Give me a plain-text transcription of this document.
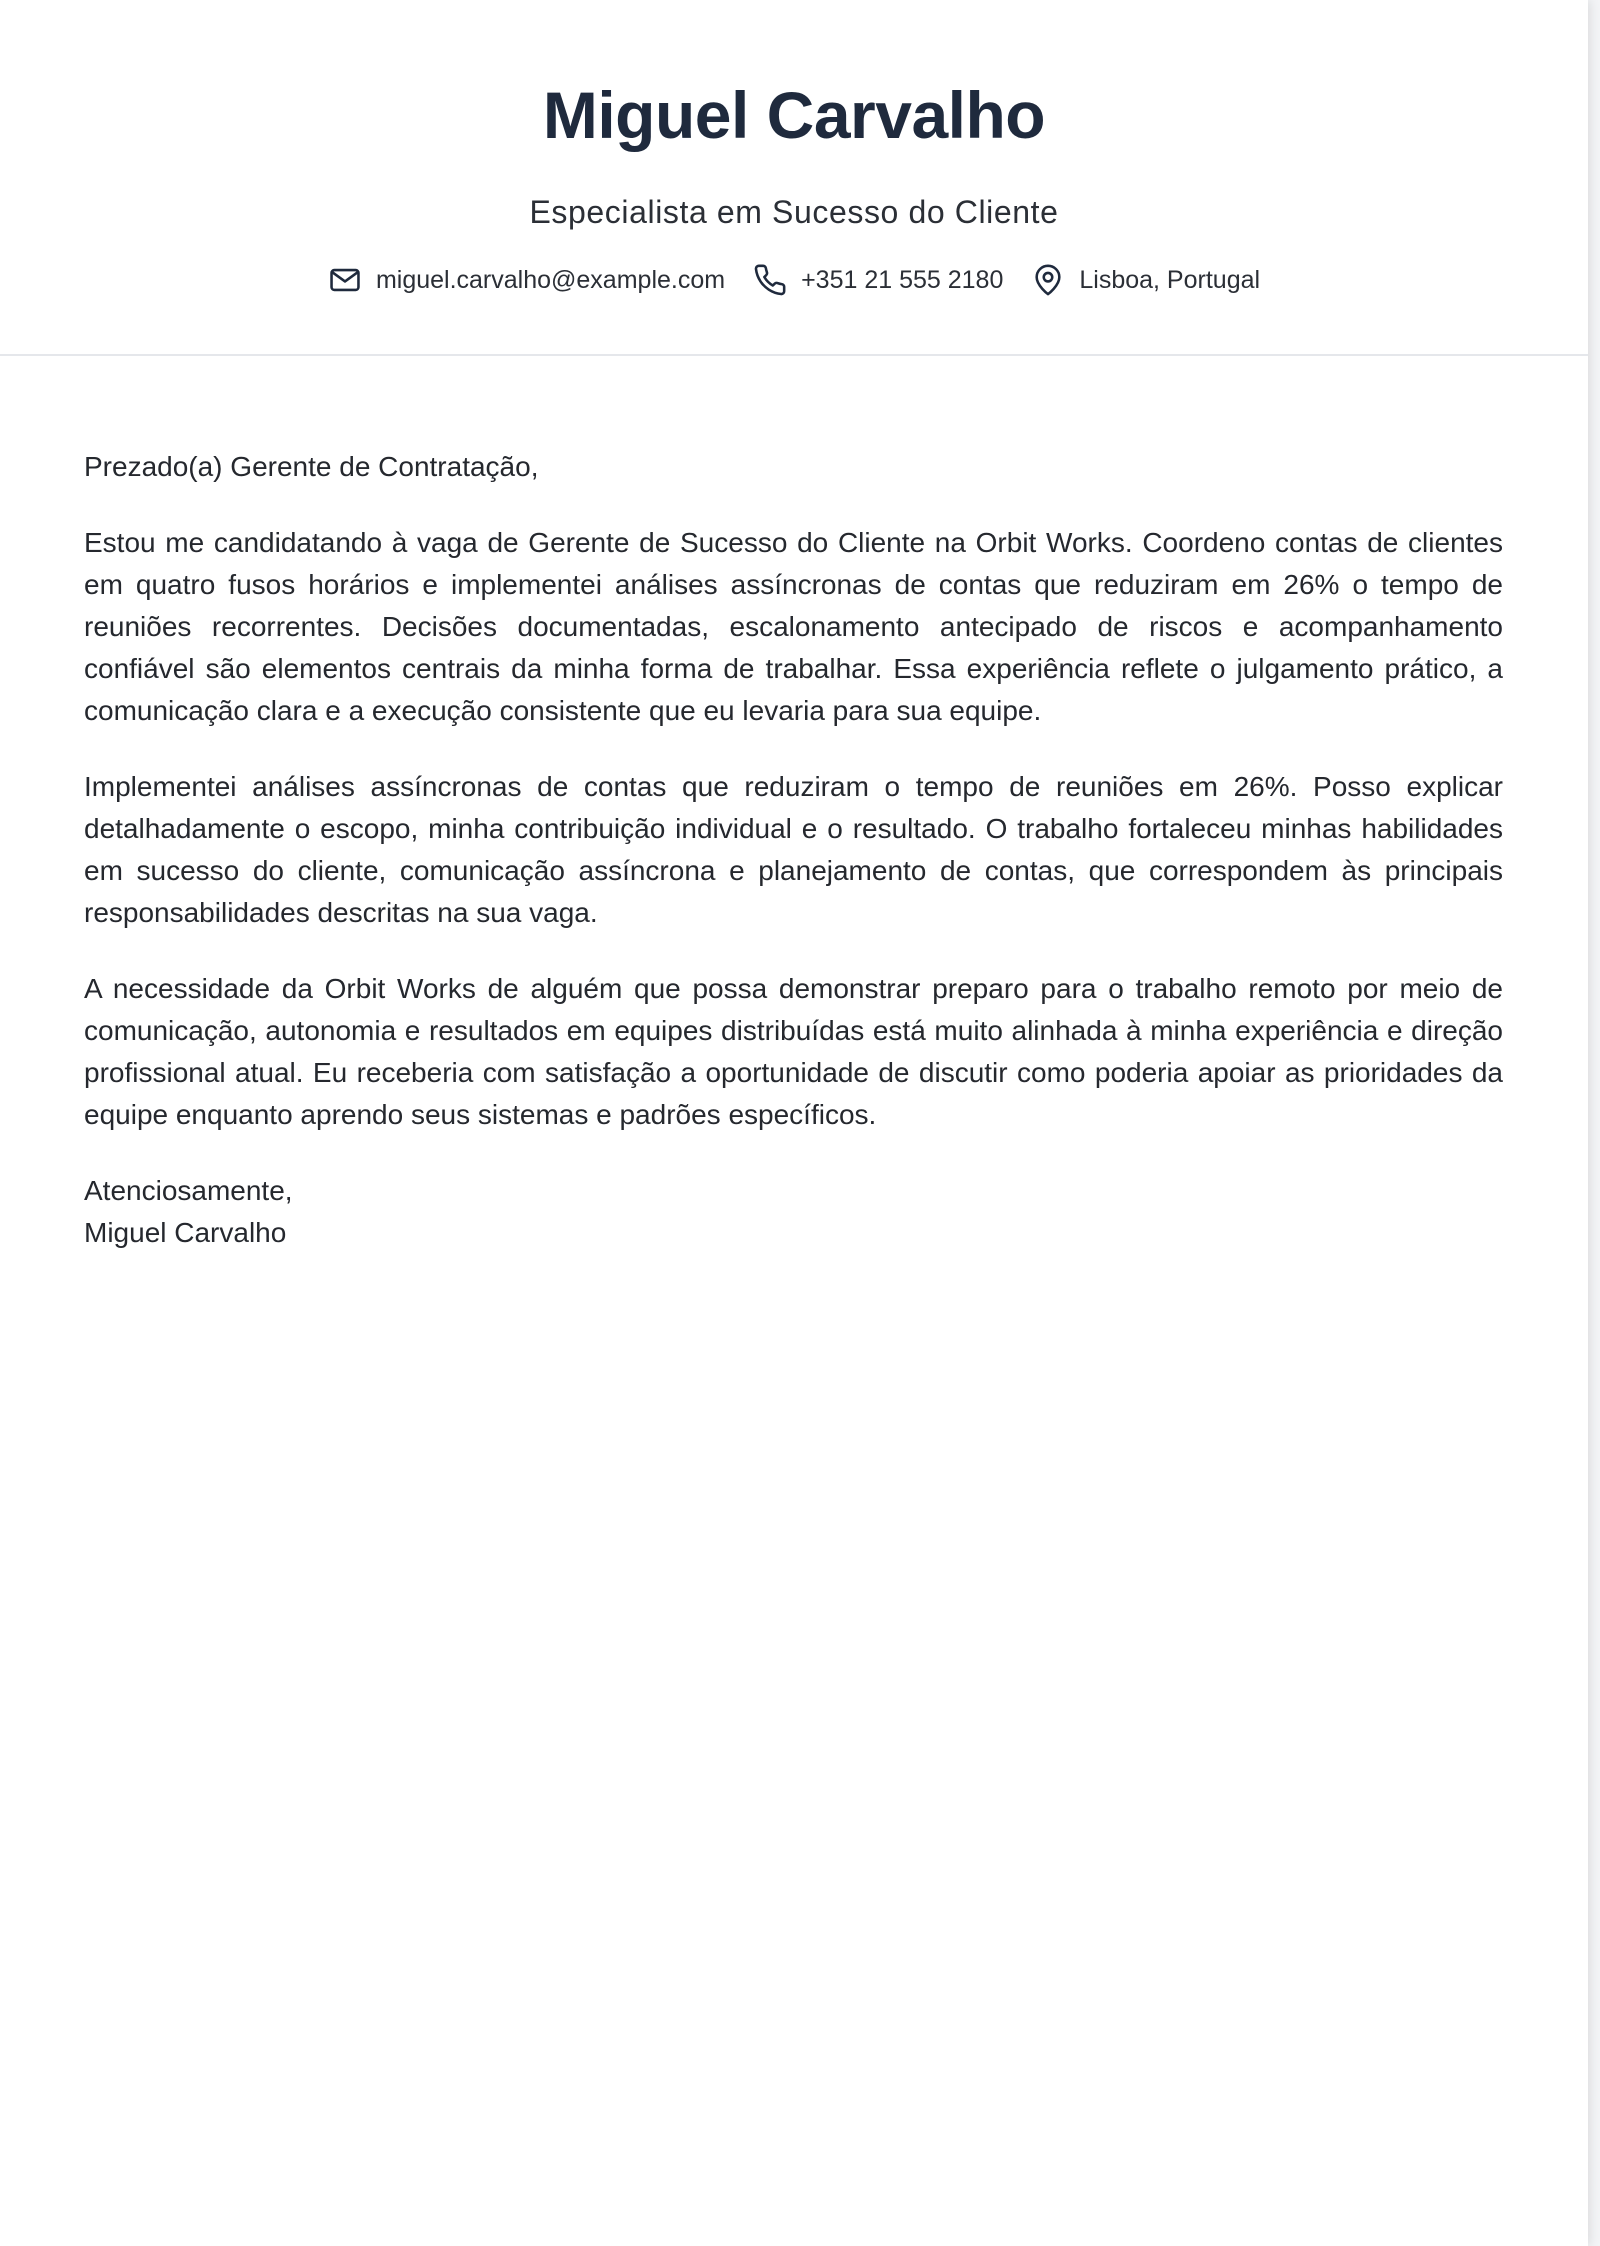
Miguel Carvalho
Especialista em Sucesso do Cliente
miguel.carvalho@example.com	+351 21 555 2180	Lisboa, Portugal

Prezado(a) Gerente de Contratação,

Estou me candidatando à vaga de Gerente de Sucesso do Cliente na Orbit Works. Coordeno contas de clientes em quatro fusos horários e implementei análises assíncronas de contas que reduziram em 26% o tempo de reuniões recorrentes. Decisões documentadas, escalonamento antecipado de riscos e acompanhamento confiável são elementos centrais da minha forma de trabalhar. Essa experiência reflete o julgamento prático, a comunicação clara e a execução consistente que eu levaria para sua equipe.

Implementei análises assíncronas de contas que reduziram o tempo de reuniões em 26%. Posso explicar detalhadamente o escopo, minha contribuição individual e o resultado. O trabalho fortaleceu minhas habilidades em sucesso do cliente, comunicação assíncrona e planejamento de contas, que correspondem às principais responsabilidades descritas na sua vaga.

A necessidade da Orbit Works de alguém que possa demonstrar preparo para o trabalho remoto por meio de comunicação, autonomia e resultados em equipes distribuídas está muito alinhada à minha experiência e direção profissional atual. Eu receberia com satisfação a oportunidade de discutir como poderia apoiar as prioridades da equipe enquanto aprendo seus sistemas e padrões específicos.

Atenciosamente,
Miguel Carvalho
